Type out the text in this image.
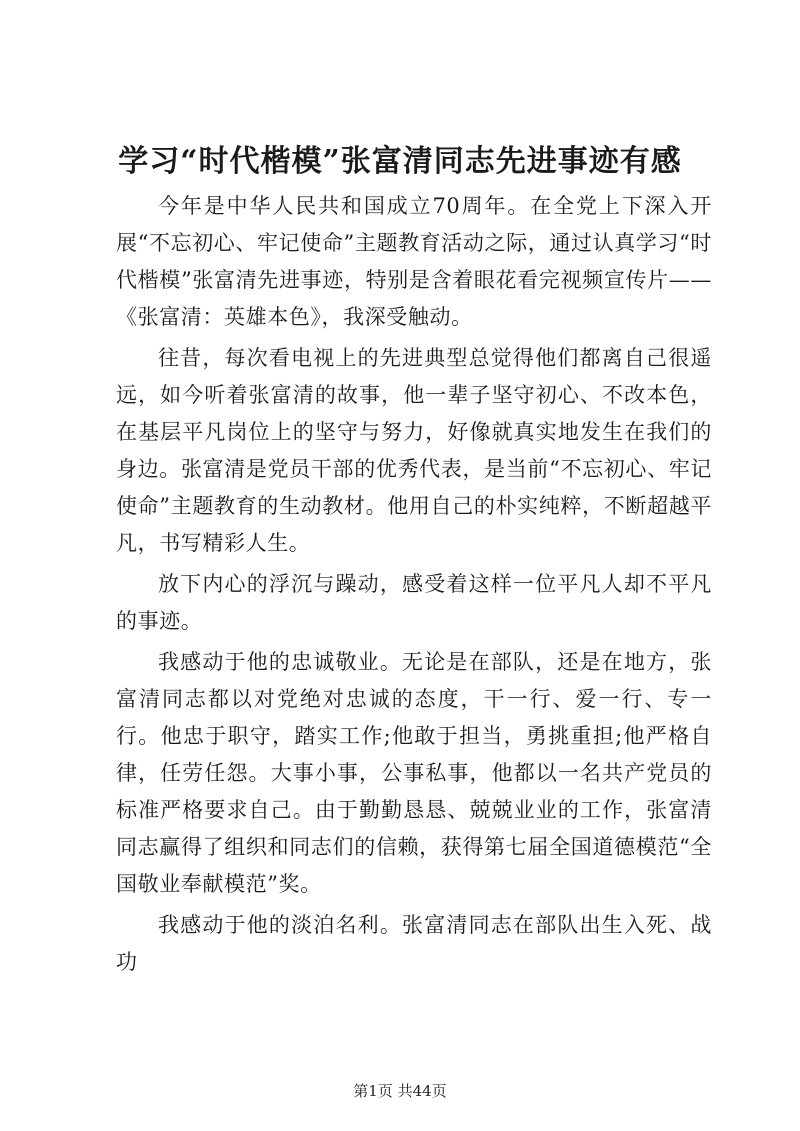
学习“时代楷模”张富清同志先进事迹有感

今年是中华人民共和国成立70周年。在全党上下深入开展“不忘初心、牢记使命”主题教育活动之际，通过认真学习“时代楷模”张富清先进事迹，特别是含着眼花看完视频宣传片——《张富清：英雄本色》，我深受触动。

往昔，每次看电视上的先进典型总觉得他们都离自己很遥远，如今听着张富清的故事，他一辈子坚守初心、不改本色，在基层平凡岗位上的坚守与努力，好像就真实地发生在我们的身边。张富清是党员干部的优秀代表，是当前“不忘初心、牢记使命”主题教育的生动教材。他用自己的朴实纯粹，不断超越平凡，书写精彩人生。

放下内心的浮沉与躁动，感受着这样一位平凡人却不平凡的事迹。

我感动于他的忠诚敬业。无论是在部队，还是在地方，张富清同志都以对党绝对忠诚的态度，干一行、爱一行、专一行。他忠于职守，踏实工作;他敢于担当，勇挑重担;他严格自律，任劳任怨。大事小事，公事私事，他都以一名共产党员的标准严格要求自己。由于勤勤恳恳、兢兢业业的工作，张富清同志赢得了组织和同志们的信赖，获得第七届全国道德模范“全国敬业奉献模范”奖。

我感动于他的淡泊名利。张富清同志在部队出生入死、战功

第1页 共44页
